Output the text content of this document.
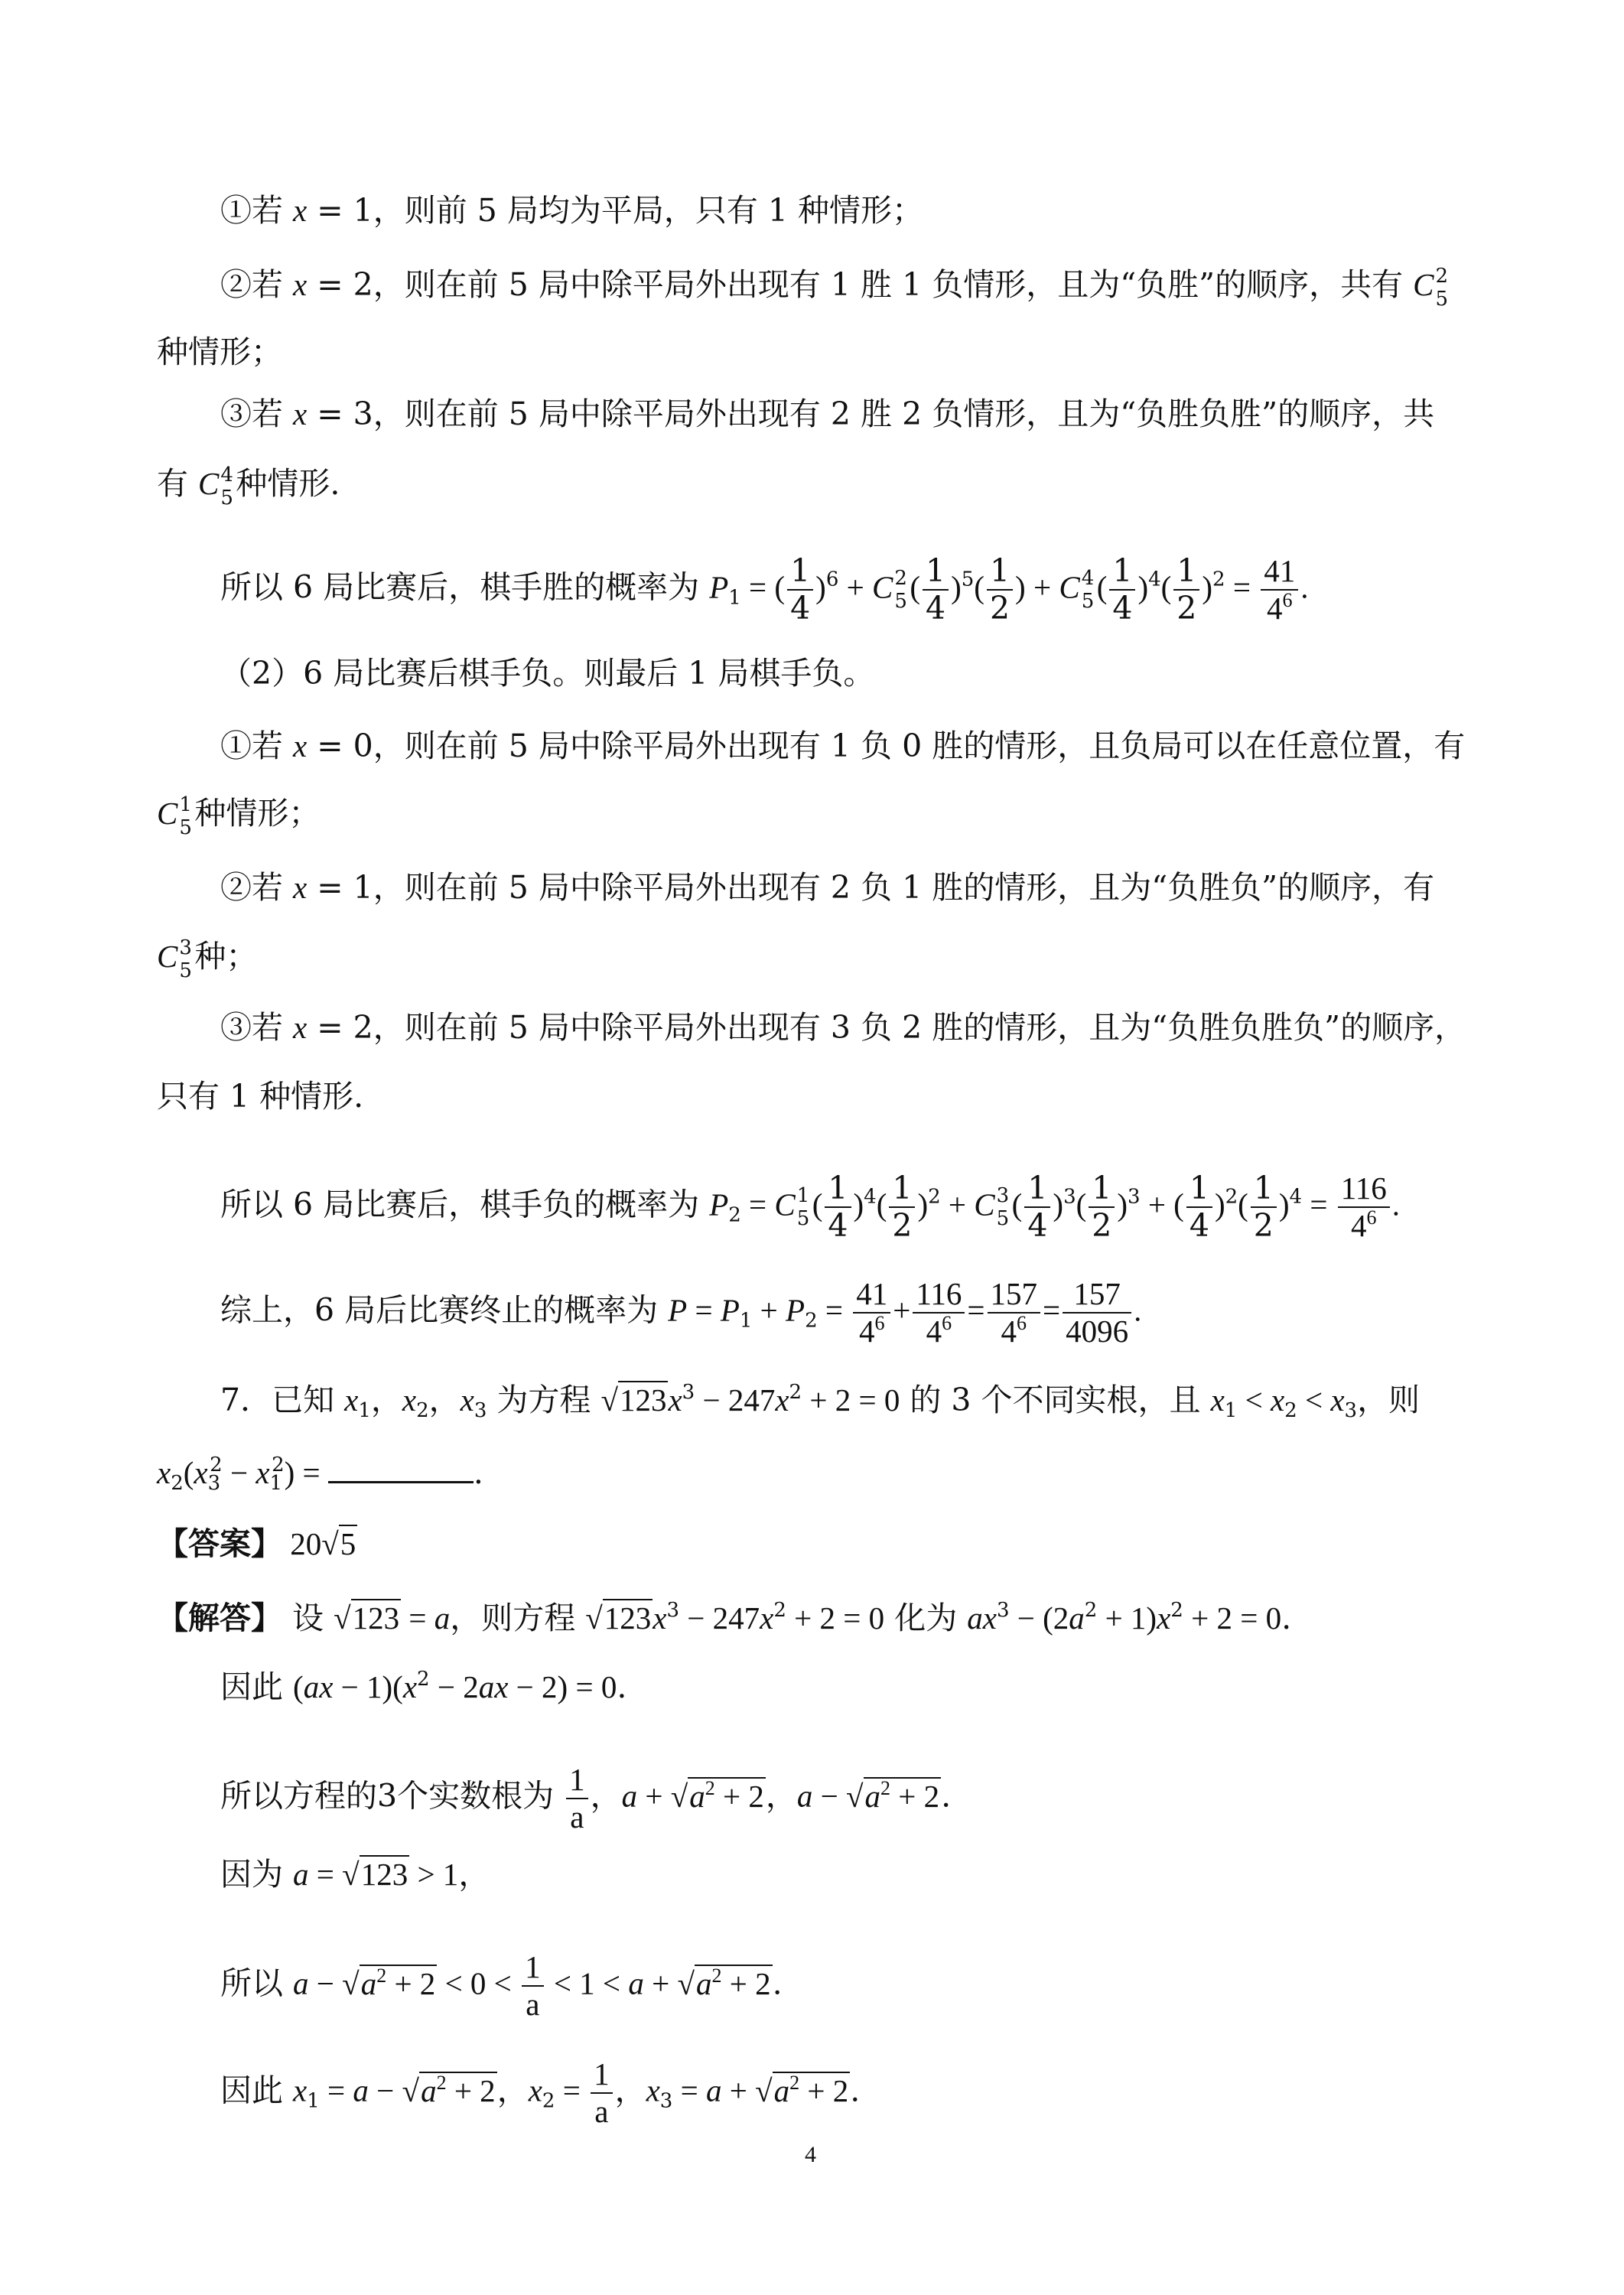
①若 x = 1，则前 5 局均为平局，只有 1 种情形；
②若 x = 2，则在前 5 局中除平局外出现有 1 胜 1 负情形，且为“负胜”的顺序，共有 C 2
5
种情形；
③若 x = 3，则在前 5 局中除平局外出现有 2 胜 2 负情形，且为“负胜负胜”的顺序，共
有 C 4
5 种情形.
所以 6 局比赛后，棋手胜的概率为 $P_1$ = ( $\frac{1}{4} )^6 + C$ 2
5 ( $\frac{1}{4} )^5( \frac{1}{2}$ ) + C 4
5 ( $\frac{1}{4} )^4( \frac{1}{2} )^2 = \frac{41}{4^6}$ .
（2）6 局比赛后棋手负。则最后 1 局棋手负。
①若 x = 0，则在前 5 局中除平局外出现有 1 负 0 胜的情形，且负局可以在任意位置，有
C 1
5 种情形；
②若 x = 1，则在前 5 局中除平局外出现有 2 负 1 胜的情形，且为“负胜负”的顺序，有
C 3
5 种；
③若 x = 2，则在前 5 局中除平局外出现有 3 负 2 胜的情形，且为“负胜负胜负”的顺序，
只有 1 种情形.
所以 6 局比赛后，棋手负的概率为 $P_2 = C$ 1
5 ( $\frac{1}{4} )^4( \frac{1}{2} )^2 + C$ 3
5 ( $\frac{1}{4} )^3( \frac{1}{2} )^3$ + ( $\frac{1}{4} )^2( \frac{1}{2} )^4 = \frac{116}{4^6}$ .
综上，6 局后比赛终止的概率为 $P = P_1 + P_2 = \frac{41}{4^6} + \frac{116}{4^6} = \frac{157}{4^6} = \frac{157}{4096}$ .
7．已知 $x_1$，$x_2$，$x_3$ 为方程 $√123x^3 - 247x^2 + 2 = 0$ 的 3 个不同实根，且 $x_1 < x_2 < x_3$，则
$x_2(x_3^2 - x_1^2)$ =	.
【答案】 20√5
【解答】 设 √123 = a，则方程 $√123x^3 - 247x^2 + 2 = 0$ 化为 $ax^3 - (2a^2 + 1)x^2 + 2 = 0$.
因此 $(ax - 1)(x^2 - 2ax - 2) = 0$.
所以方程的3个实数根为 $\frac{1}{a}$ ，$a + √a^2 + 2$，$a - √a^2 + 2$.
因为 a = √123 > 1，
所以 $a - √a^2 + 2 < 0 < \frac{1}{a} < 1 < a + √a^2 + 2$.
因此 $x_1 = a - √a^2 + 2$，$x_2 = \frac{1}{a}$ ，$x_3 = a + √a^2 + 2$.
4
